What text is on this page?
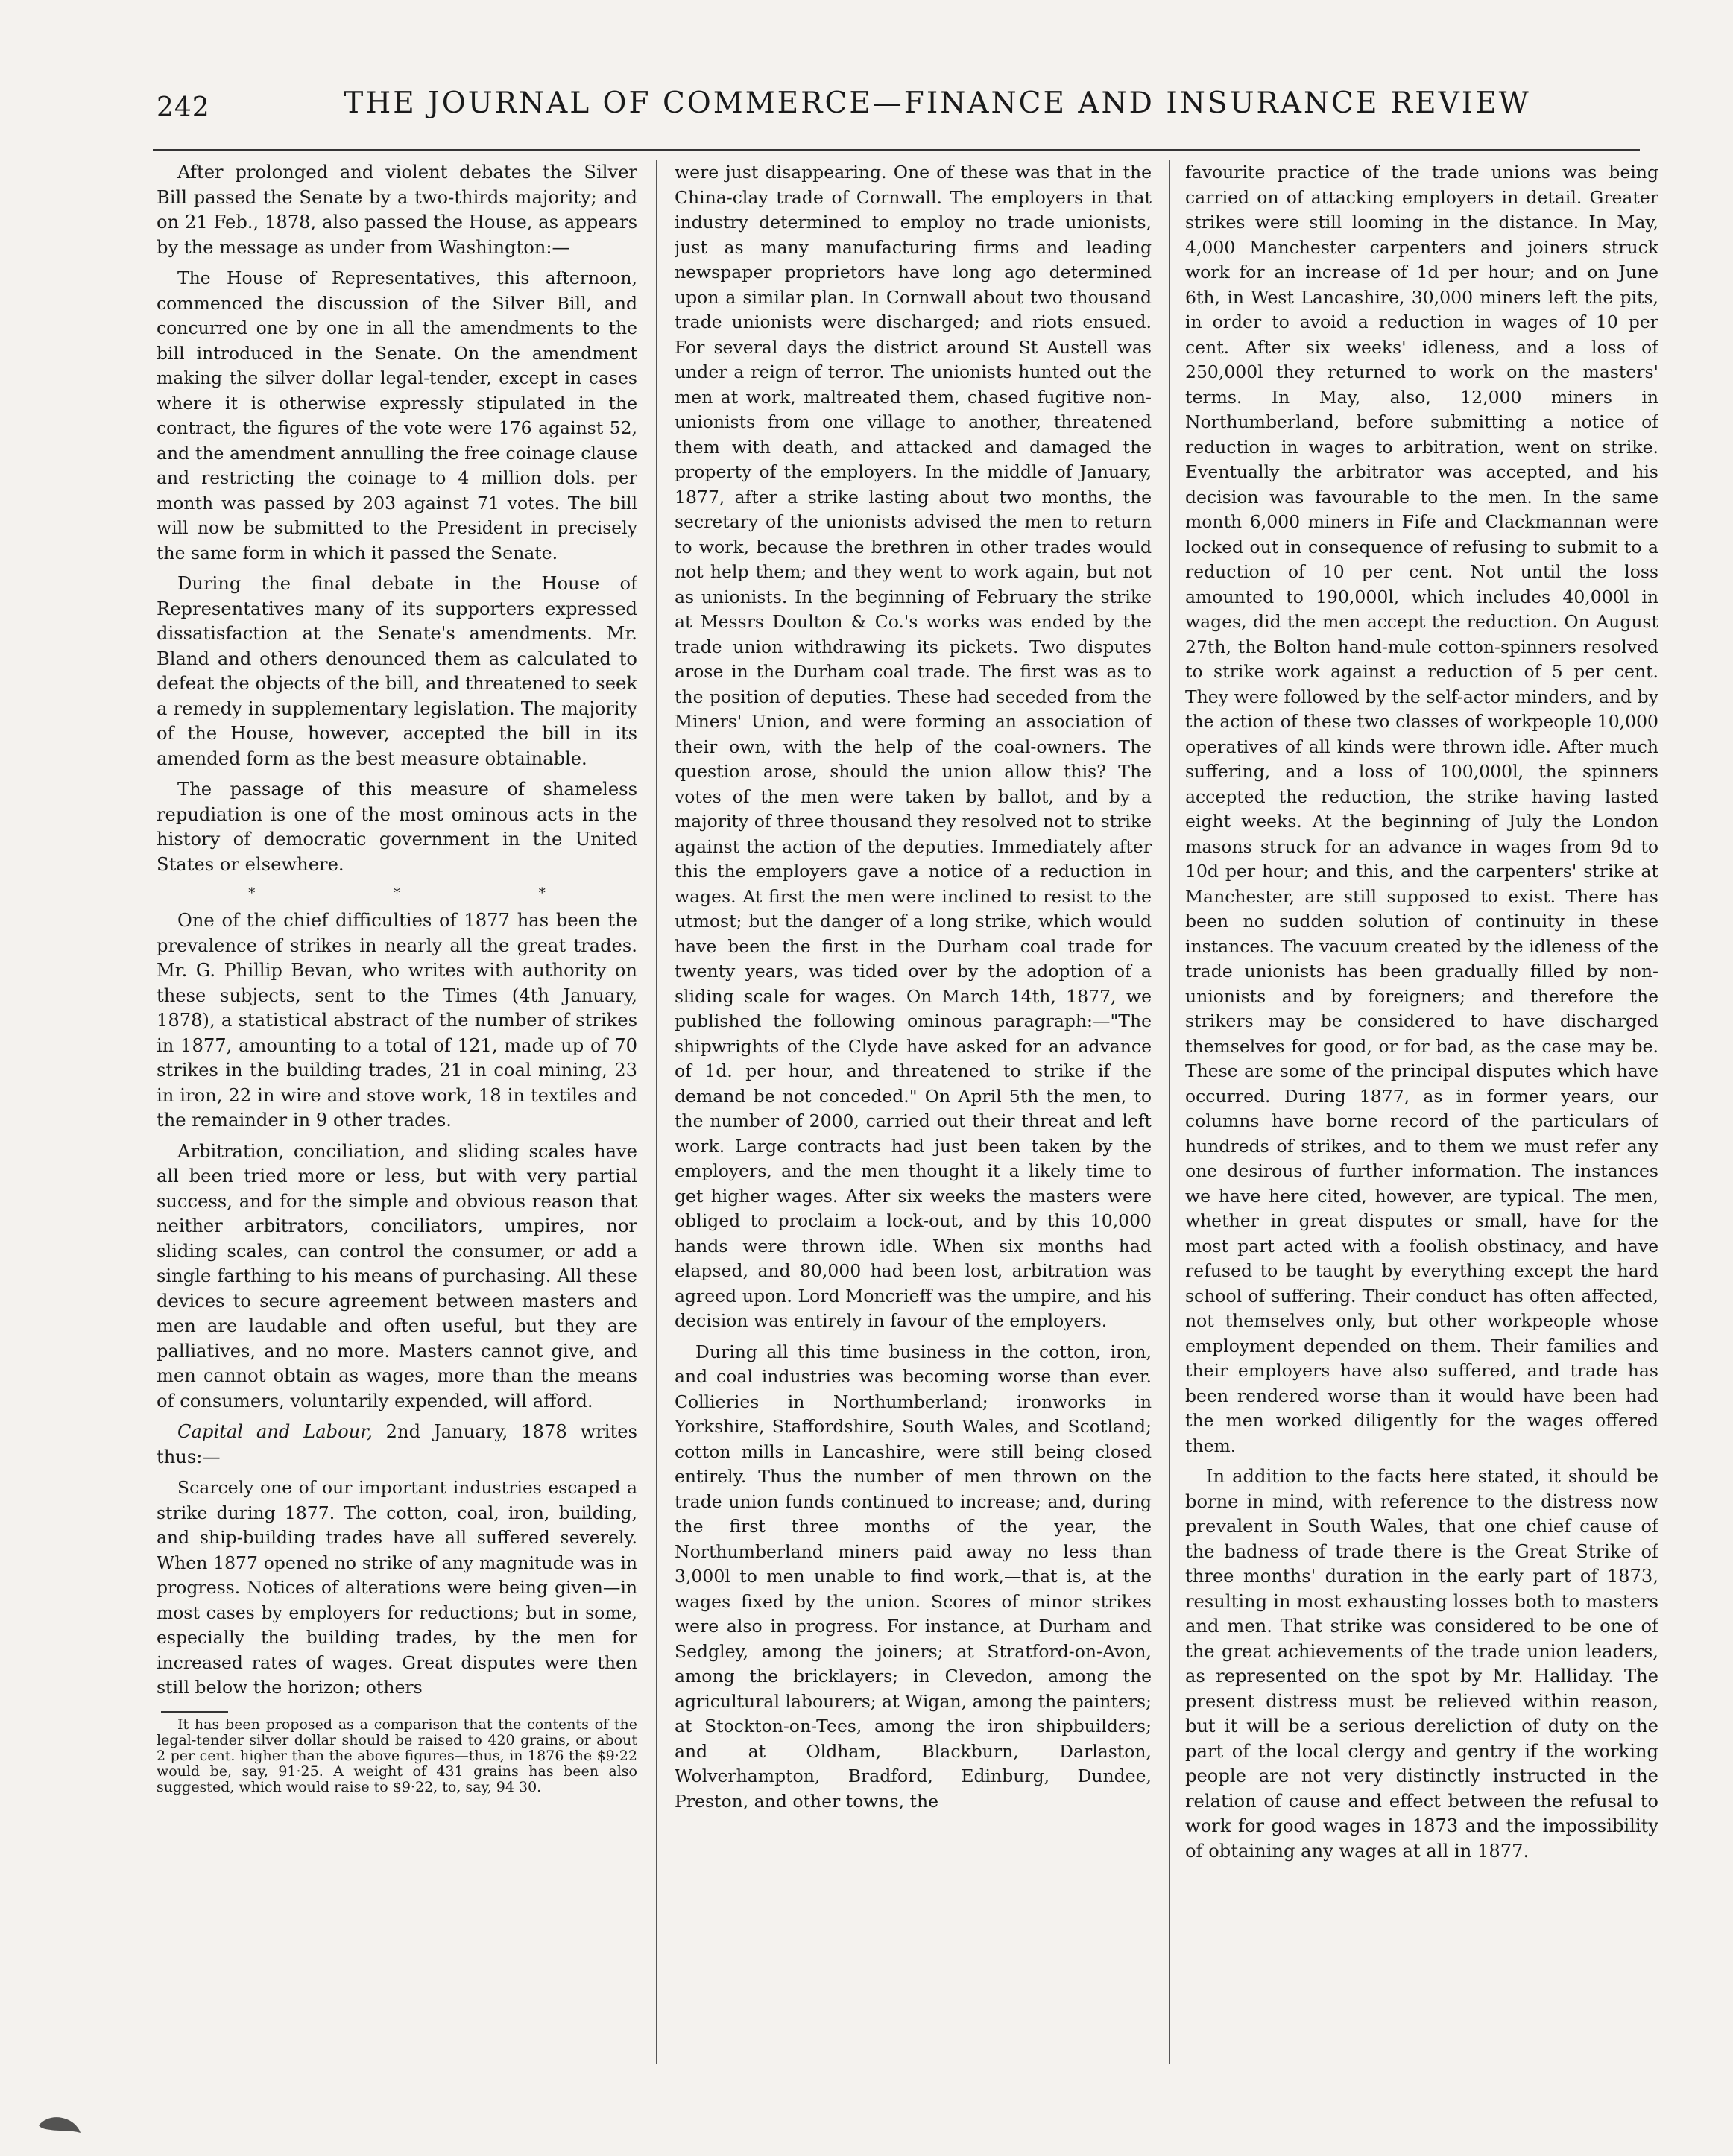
242	THE JOURNAL OF COMMERCE—FINANCE AND INSURANCE REVIEW

After prolonged and violent debates the Silver Bill passed the Senate by a two-thirds majority; and on 21 Feb., 1878, also passed the House, as appears by the message as under from Washington:—

The House of Representatives, this afternoon, commenced the discussion of the Silver Bill, and concurred one by one in all the amendments to the bill introduced in the Senate. On the amendment making the silver dollar legal-tender, except in cases where it is otherwise expressly stipulated in the contract, the figures of the vote were 176 against 52, and the amendment annulling the free coinage clause and restricting the coinage to 4 million dols. per month was passed by 203 against 71 votes. The bill will now be submitted to the President in precisely the same form in which it passed the Senate.

During the final debate in the House of Representatives many of its supporters expressed dissatisfaction at the Senate's amendments. Mr. Bland and others denounced them as calculated to defeat the objects of the bill, and threatened to seek a remedy in supplementary legislation. The majority of the House, however, accepted the bill in its amended form as the best measure obtainable.

The passage of this measure of shameless repudiation is one of the most ominous acts in the history of democratic government in the United States or elsewhere.

* * *

One of the chief difficulties of 1877 has been the prevalence of strikes in nearly all the great trades. Mr. G. Phillip Bevan, who writes with authority on these subjects, sent to the Times (4th January, 1878), a statistical abstract of the number of strikes in 1877, amounting to a total of 121, made up of 70 strikes in the building trades, 21 in coal mining, 23 in iron, 22 in wire and stove work, 18 in textiles and the remainder in 9 other trades.

Arbitration, conciliation, and sliding scales have all been tried more or less, but with very partial success, and for the simple and obvious reason that neither arbitrators, conciliators, umpires, nor sliding scales, can control the consumer, or add a single farthing to his means of purchasing. All these devices to secure agreement between masters and men are laudable and often useful, but they are palliatives, and no more. Masters cannot give, and men cannot obtain as wages, more than the means of consumers, voluntarily expended, will afford.

Capital and Labour, 2nd January, 1878 writes thus:—

Scarcely one of our important industries escaped a strike during 1877. The cotton, coal, iron, building, and ship-building trades have all suffered severely. When 1877 opened no strike of any magnitude was in progress. Notices of alterations were being given—in most cases by employers for reductions; but in some, especially the building trades, by the men for increased rates of wages. Great disputes were then still below the horizon; others

It has been proposed as a comparison that the contents of the legal-tender silver dollar should be raised to 420 grains, or about 2 per cent. higher than the above figures—thus, in 1876 the $9·22 would be, say, 91·25. A weight of 431 grains has been also suggested, which would raise to $9·22, to, say, 94 30.

were just disappearing. One of these was that in the China-clay trade of Cornwall. The employers in that industry determined to employ no trade unionists, just as many manufacturing firms and leading newspaper proprietors have long ago determined upon a similar plan. In Cornwall about two thousand trade unionists were discharged; and riots ensued. For several days the district around St Austell was under a reign of terror. The unionists hunted out the men at work, maltreated them, chased fugitive non-unionists from one village to another, threatened them with death, and attacked and damaged the property of the employers. In the middle of January, 1877, after a strike lasting about two months, the secretary of the unionists advised the men to return to work, because the brethren in other trades would not help them; and they went to work again, but not as unionists. In the beginning of February the strike at Messrs Doulton & Co.'s works was ended by the trade union withdrawing its pickets. Two disputes arose in the Durham coal trade. The first was as to the position of deputies. These had seceded from the Miners' Union, and were forming an association of their own, with the help of the coal-owners. The question arose, should the union allow this? The votes of the men were taken by ballot, and by a majority of three thousand they resolved not to strike against the action of the deputies. Immediately after this the employers gave a notice of a reduction in wages. At first the men were inclined to resist to the utmost; but the danger of a long strike, which would have been the first in the Durham coal trade for twenty years, was tided over by the adoption of a sliding scale for wages. On March 14th, 1877, we published the following ominous paragraph:—"The shipwrights of the Clyde have asked for an advance of 1d. per hour, and threatened to strike if the demand be not conceded." On April 5th the men, to the number of 2000, carried out their threat and left work. Large contracts had just been taken by the employers, and the men thought it a likely time to get higher wages. After six weeks the masters were obliged to proclaim a lock-out, and by this 10,000 hands were thrown idle. When six months had elapsed, and 80,000 had been lost, arbitration was agreed upon. Lord Moncrieff was the umpire, and his decision was entirely in favour of the employers.

During all this time business in the cotton, iron, and coal industries was becoming worse than ever. Collieries in Northumberland; ironworks in Yorkshire, Staffordshire, South Wales, and Scotland; cotton mills in Lancashire, were still being closed entirely. Thus the number of men thrown on the trade union funds continued to increase; and, during the first three months of the year, the Northumberland miners paid away no less than 3,000l to men unable to find work,—that is, at the wages fixed by the union. Scores of minor strikes were also in progress. For instance, at Durham and Sedgley, among the joiners; at Stratford-on-Avon, among the bricklayers; in Clevedon, among the agricultural labourers; at Wigan, among the painters; at Stockton-on-Tees, among the iron shipbuilders; and at Oldham, Blackburn, Darlaston, Wolverhampton, Bradford, Edinburg, Dundee, Preston, and other towns, the

favourite practice of the trade unions was being carried on of attacking employers in detail. Greater strikes were still looming in the distance. In May, 4,000 Manchester carpenters and joiners struck work for an increase of 1d per hour; and on June 6th, in West Lancashire, 30,000 miners left the pits, in order to avoid a reduction in wages of 10 per cent. After six weeks' idleness, and a loss of 250,000l they returned to work on the masters' terms. In May, also, 12,000 miners in Northumberland, before submitting a notice of reduction in wages to arbitration, went on strike. Eventually the arbitrator was accepted, and his decision was favourable to the men. In the same month 6,000 miners in Fife and Clackmannan were locked out in consequence of refusing to submit to a reduction of 10 per cent. Not until the loss amounted to 190,000l, which includes 40,000l in wages, did the men accept the reduction. On August 27th, the Bolton hand-mule cotton-spinners resolved to strike work against a reduction of 5 per cent. They were followed by the self-actor minders, and by the action of these two classes of workpeople 10,000 operatives of all kinds were thrown idle. After much suffering, and a loss of 100,000l, the spinners accepted the reduction, the strike having lasted eight weeks. At the beginning of July the London masons struck for an advance in wages from 9d to 10d per hour; and this, and the carpenters' strike at Manchester, are still supposed to exist. There has been no sudden solution of continuity in these instances. The vacuum created by the idleness of the trade unionists has been gradually filled by non-unionists and by foreigners; and therefore the strikers may be considered to have discharged themselves for good, or for bad, as the case may be. These are some of the principal disputes which have occurred. During 1877, as in former years, our columns have borne record of the particulars of hundreds of strikes, and to them we must refer any one desirous of further information. The instances we have here cited, however, are typical. The men, whether in great disputes or small, have for the most part acted with a foolish obstinacy, and have refused to be taught by everything except the hard school of suffering. Their conduct has often affected, not themselves only, but other workpeople whose employment depended on them. Their families and their employers have also suffered, and trade has been rendered worse than it would have been had the men worked diligently for the wages offered them.

In addition to the facts here stated, it should be borne in mind, with reference to the distress now prevalent in South Wales, that one chief cause of the badness of trade there is the Great Strike of three months' duration in the early part of 1873, resulting in most exhausting losses both to masters and men. That strike was considered to be one of the great achievements of the trade union leaders, as represented on the spot by Mr. Halliday. The present distress must be relieved within reason, but it will be a serious dereliction of duty on the part of the local clergy and gentry if the working people are not very distinctly instructed in the relation of cause and effect between the refusal to work for good wages in 1873 and the impossibility of obtaining any wages at all in 1877.
